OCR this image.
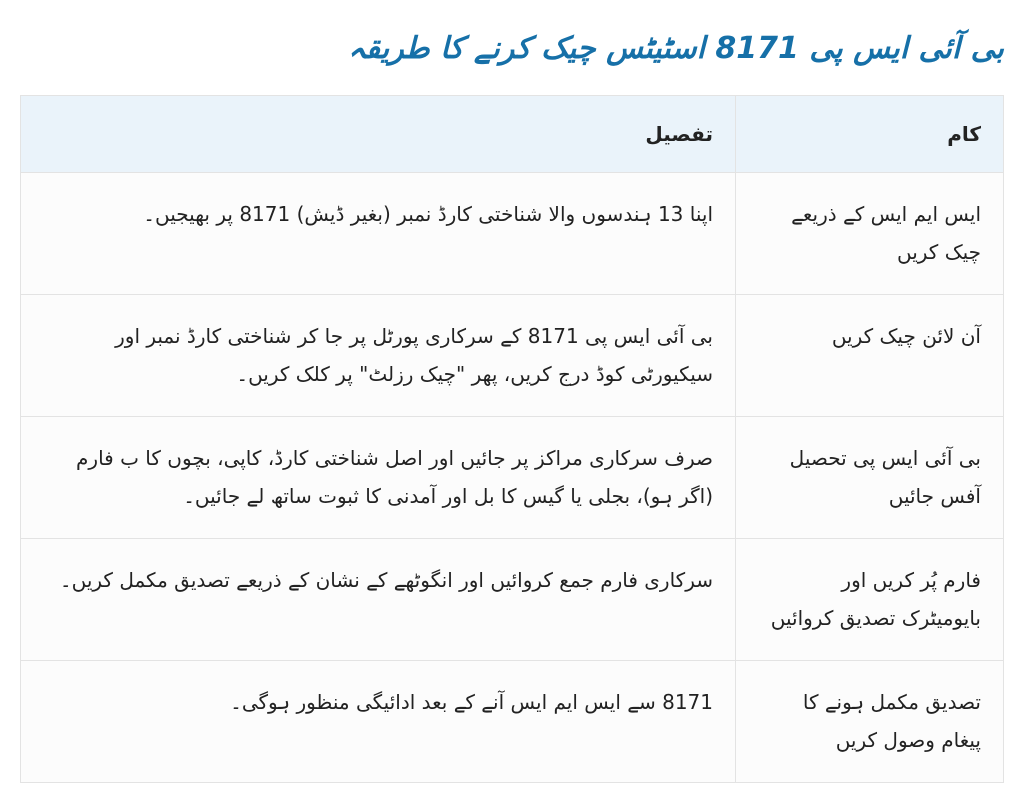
بی آئی ایس پی 8171 اسٹیٹس چیک کرنے کا طریقہ
کام	تفصیل
ایس ایم ایس کے ذریعے چیک کریں	اپنا 13 ہندسوں والا شناختی کارڈ نمبر (بغیر ڈیش) 8171 پر بھیجیں۔
آن لائن چیک کریں	بی آئی ایس پی 8171 کے سرکاری پورٹل پر جا کر شناختی کارڈ نمبر اور سیکیورٹی کوڈ درج کریں، پھر "چیک رزلٹ" پر کلک کریں۔
بی آئی ایس پی تحصیل آفس جائیں	صرف سرکاری مراکز پر جائیں اور اصل شناختی کارڈ، کاپی، بچوں کا ب فارم (اگر ہو)، بجلی یا گیس کا بل اور آمدنی کا ثبوت ساتھ لے جائیں۔
فارم پُر کریں اور بایومیٹرک تصدیق کروائیں	سرکاری فارم جمع کروائیں اور انگوٹھے کے نشان کے ذریعے تصدیق مکمل کریں۔
تصدیق مکمل ہونے کا پیغام وصول کریں	8171 سے ایس ایم ایس آنے کے بعد ادائیگی منظور ہوگی۔
